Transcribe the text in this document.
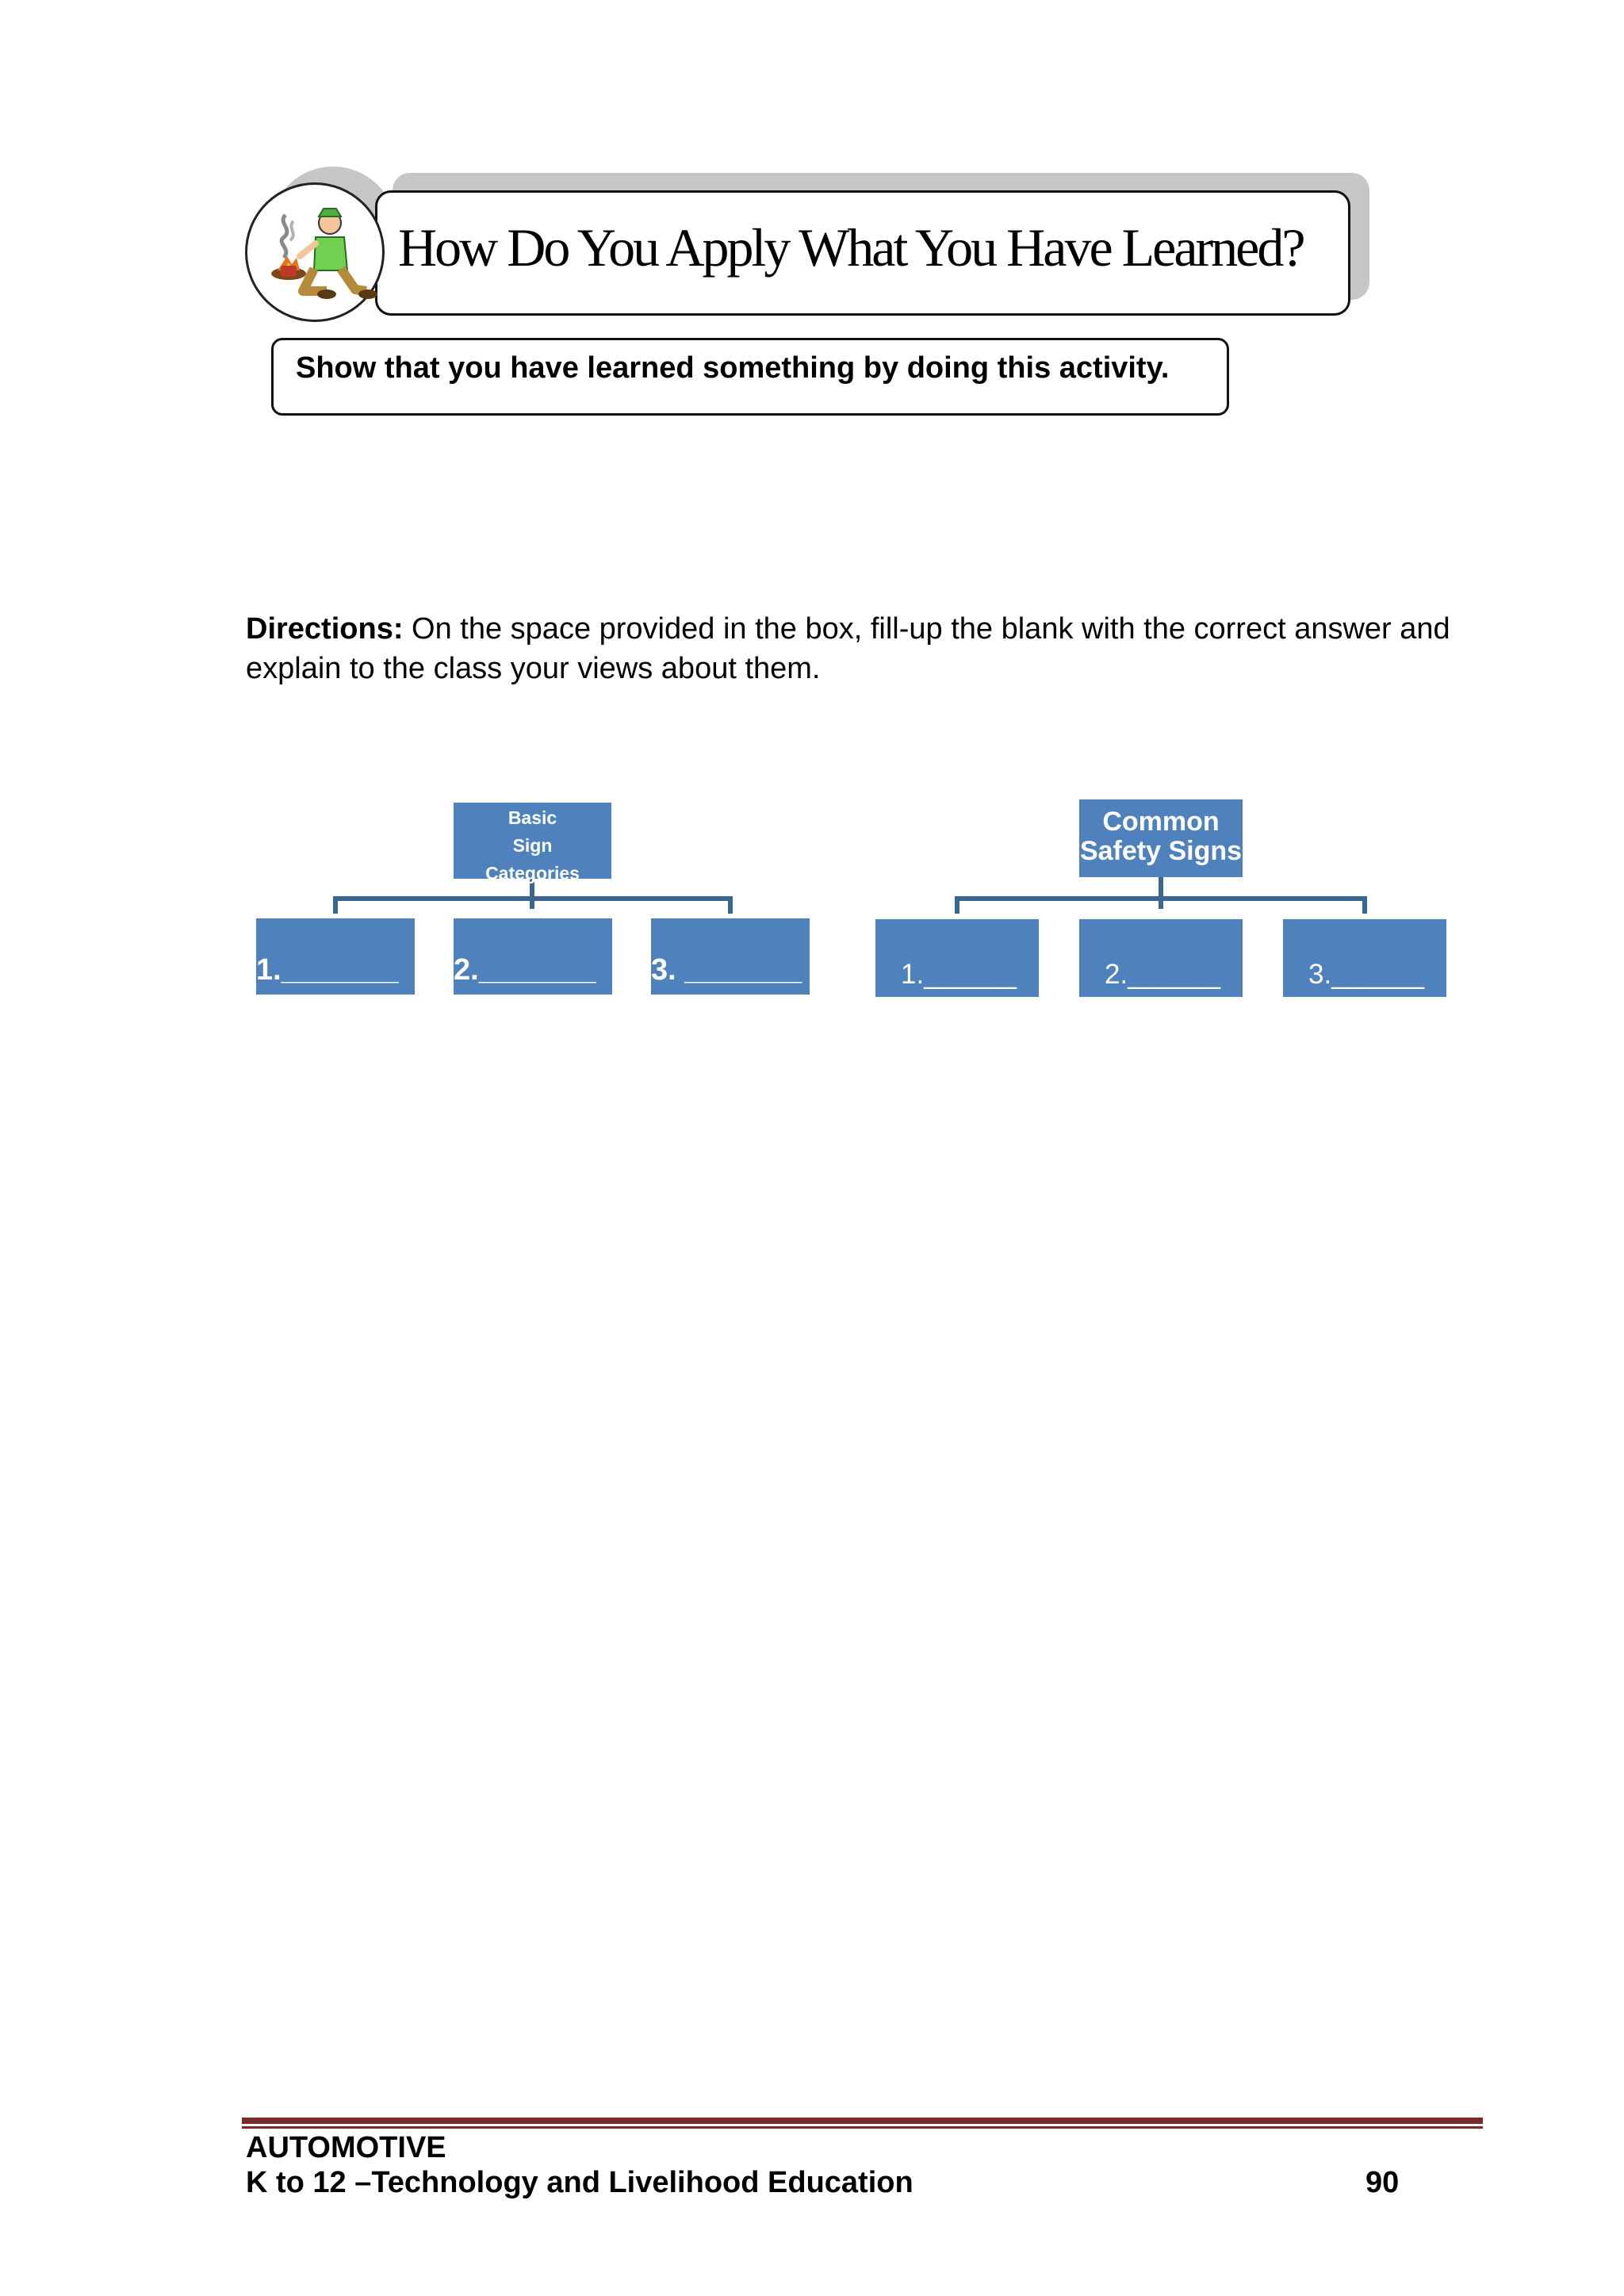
How Do You Apply What You Have Learned?
Show that you have learned something by doing this activity.
Directions: On the space provided in the box, fill-up the blank with the correct answer and explain to the class your views about them.
Basic
Sign
Categories
1._______ 2._______ 3. _______
Common
Safety Signs
1.______	2.______	3.______
AUTOMOTIVE
K to 12 –Technology and Livelihood Education	90
